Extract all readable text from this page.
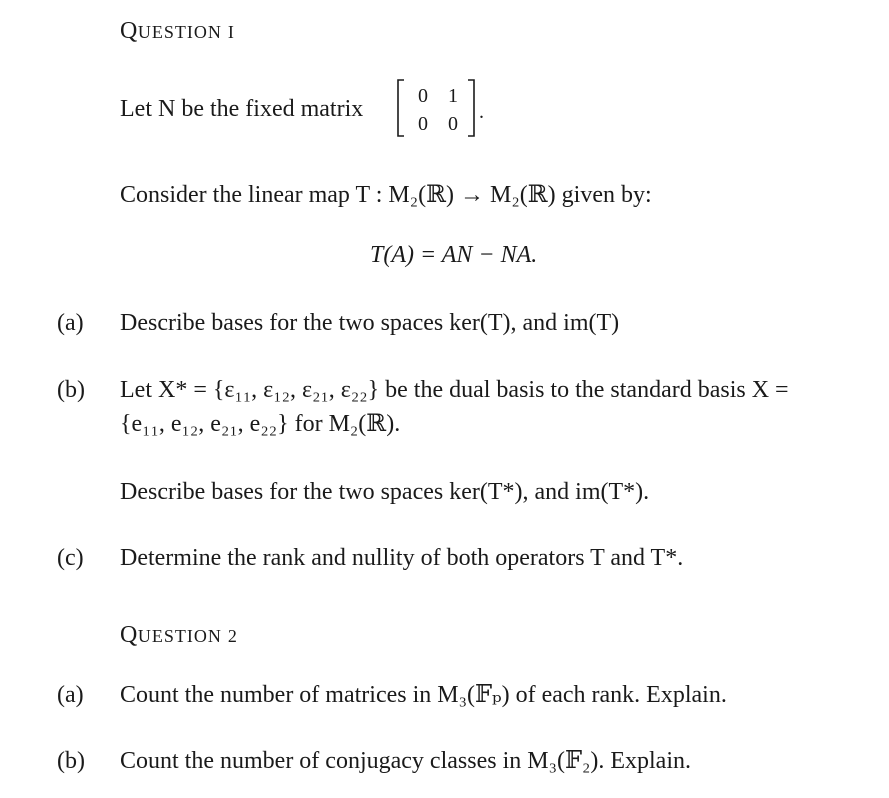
QUESTION I
Let N be the fixed matrix	0 1
0 0
.
Consider the linear map T : M₂(ℝ) → M₂(ℝ) given by:
T(A) = AN − NA.
(a) Describe bases for the two spaces ker(T), and im(T)
(b) Let X* = {ε₁₁, ε₁₂, ε₂₁, ε₂₂} be the dual basis to the standard basis X =
{e₁₁, e₁₂, e₂₁, e₂₂} for M₂(ℝ).
Describe bases for the two spaces ker(T*), and im(T*).
(c) Determine the rank and nullity of both operators T and T*.
QUESTION 2
(a) Count the number of matrices in M₃(𝔽ₚ) of each rank. Explain.
(b) Count the number of conjugacy classes in M₃(𝔽₂). Explain.
